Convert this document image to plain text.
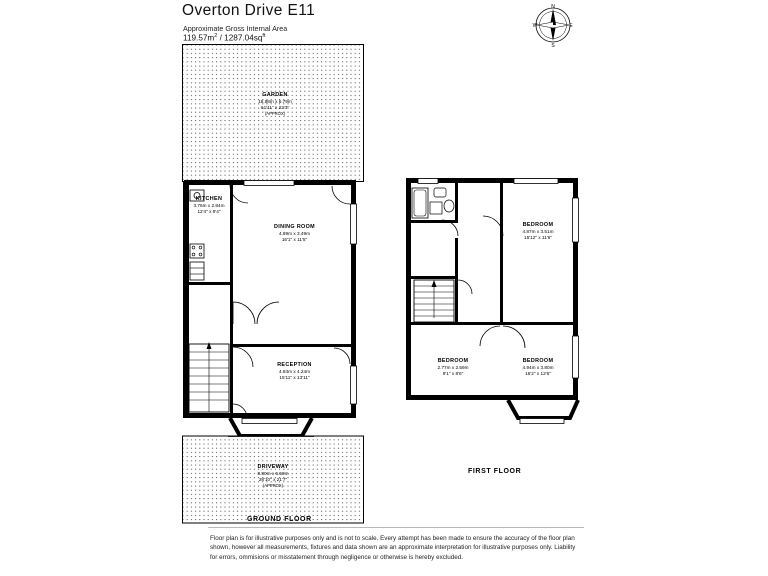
Overton Drive E11
Approximate Gross Internal Area
$119.57m^2 / 1287.04sq^{ft}$
N
E
S
W
GARDEN
18.88m x 6.79m
61'11" x 22'3"
(APPROX)
KITCHEN
3.76m x 2.84m
12'4" x 9'4"
DINING ROOM
4.89m x 3.49m
16'1" x 11'5"
RECEPTION
4.84m x 4.24m
15'11" x 13'11"
DRIVEWAY
8.80m x 6.58m
28'10" x 21'7"
(APPROX)
GROUND FLOOR
BEDROOM
4.87m x 3.51m
15'12" x 11'6"
BEDROOM
2.77m x 2.59m
9'1" x 8'6"
BEDROOM
4.94m x 3.80m
16'2" x 12'6"
FIRST FLOOR
Floor plan is for illustrative purposes only and is not to scale. Every attempt has been made to ensure the accuracy of the floor plan shown, however all measurements, fixtures and data shown are an approximate interpretation for illustrative purposes only. Liability for errors, ommisions or misstatement through negligence or otherwise is hereby excluded.
